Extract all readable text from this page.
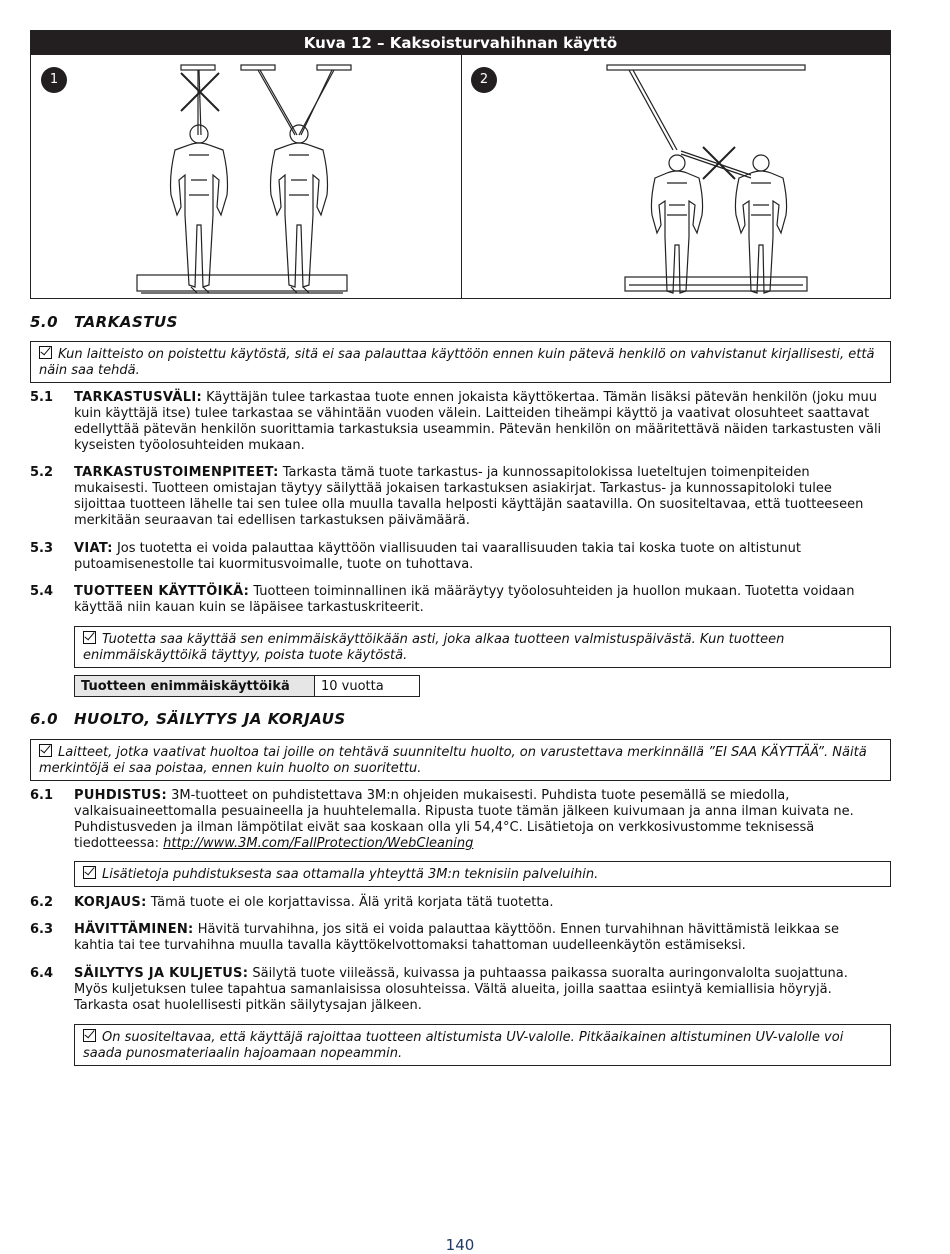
Kuva 12 – Kaksoisturvahihnan käyttö
1	2
5.0 TARKASTUS
Kun laitteisto on poistettu käytöstä, sitä ei saa palauttaa käyttöön ennen kuin pätevä henkilö on vahvistanut kirjallisesti, että näin saa tehdä.
5.1 TARKASTUSVÄLI: Käyttäjän tulee tarkastaa tuote ennen jokaista käyttökertaa. Tämän lisäksi pätevän henkilön (joku muu kuin käyttäjä itse) tulee tarkastaa se vähintään vuoden välein. Laitteiden tiheämpi käyttö ja vaativat olosuhteet saattavat edellyttää pätevän henkilön suorittamia tarkastuksia useammin. Pätevän henkilön on määritettävä näiden tarkastusten väli kyseisten työolosuhteiden mukaan.
5.2 TARKASTUSTOIMENPITEET: Tarkasta tämä tuote tarkastus- ja kunnossapitolokissa lueteltujen toimenpiteiden mukaisesti. Tuotteen omistajan täytyy säilyttää jokaisen tarkastuksen asiakirjat. Tarkastus- ja kunnossapitoloki tulee sijoittaa tuotteen lähelle tai sen tulee olla muulla tavalla helposti käyttäjän saatavilla. On suositeltavaa, että tuotteeseen merkitään seuraavan tai edellisen tarkastuksen päivämäärä.
5.3 VIAT: Jos tuotetta ei voida palauttaa käyttöön viallisuuden tai vaarallisuuden takia tai koska tuote on altistunut putoamisenestolle tai kuormitusvoimalle, tuote on tuhottava.
5.4 TUOTTEEN KÄYTTÖIKÄ: Tuotteen toiminnallinen ikä määräytyy työolosuhteiden ja huollon mukaan. Tuotetta voidaan käyttää niin kauan kuin se läpäisee tarkastuskriteerit.
Tuotetta saa käyttää sen enimmäiskäyttöikään asti, joka alkaa tuotteen valmistuspäivästä. Kun tuotteen enimmäiskäyttöikä täyttyy, poista tuote käytöstä.
Tuotteen enimmäiskäyttöikä	10 vuotta
6.0 HUOLTO, SÄILYTYS JA KORJAUS
Laitteet, jotka vaativat huoltoa tai joille on tehtävä suunniteltu huolto, on varustettava merkinnällä ”EI SAA KÄYTTÄÄ”. Näitä merkintöjä ei saa poistaa, ennen kuin huolto on suoritettu.
6.1 PUHDISTUS: 3M-tuotteet on puhdistettava 3M:n ohjeiden mukaisesti. Puhdista tuote pesemällä se miedolla, valkaisuaineettomalla pesuaineella ja huuhtelemalla. Ripusta tuote tämän jälkeen kuivumaan ja anna ilman kuivata ne. Puhdistusveden ja ilman lämpötilat eivät saa koskaan olla yli 54,4°C. Lisätietoja on verkkosivustomme teknisessä tiedotteessa: http://www.3M.com/FallProtection/WebCleaning
Lisätietoja puhdistuksesta saa ottamalla yhteyttä 3M:n teknisiin palveluihin.
6.2 KORJAUS: Tämä tuote ei ole korjattavissa. Älä yritä korjata tätä tuotetta.
6.3 HÄVITTÄMINEN: Hävitä turvahihna, jos sitä ei voida palauttaa käyttöön. Ennen turvahihnan hävittämistä leikkaa se kahtia tai tee turvahihna muulla tavalla käyttökelvottomaksi tahattoman uudelleenkäytön estämiseksi.
6.4 SÄILYTYS JA KULJETUS: Säilytä tuote viileässä, kuivassa ja puhtaassa paikassa suoralta auringonvalolta suojattuna. Myös kuljetuksen tulee tapahtua samanlaisissa olosuhteissa. Vältä alueita, joilla saattaa esiintyä kemiallisia höyryjä. Tarkasta osat huolellisesti pitkän säilytysajan jälkeen.
On suositeltavaa, että käyttäjä rajoittaa tuotteen altistumista UV-valolle. Pitkäaikainen altistuminen UV-valolle voi saada punosmateriaalin hajoamaan nopeammin.
140
